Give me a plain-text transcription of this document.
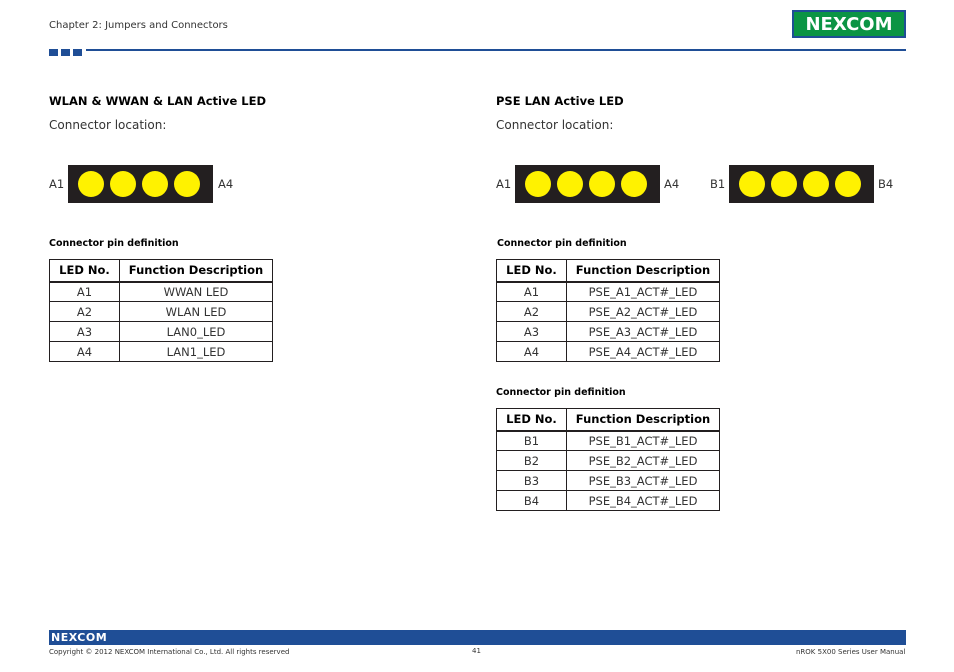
Chapter 2: Jumpers and Connectors	NEXCOM
WLAN & WWAN & LAN Active LED
Connector location:
A1	A4
Connector pin definition
LED No.	Function Description
A1	WWAN LED
A2	WLAN LED
A3	LAN0_LED
A4	LAN1_LED
PSE LAN Active LED
Connector location:
A1	A4	B1	B4
Connector pin definition
LED No.	Function Description
A1	PSE_A1_ACT#_LED
A2	PSE_A2_ACT#_LED
A3	PSE_A3_ACT#_LED
A4	PSE_A4_ACT#_LED
Connector pin definition
LED No.	Function Description
B1	PSE_B1_ACT#_LED
B2	PSE_B2_ACT#_LED
B3	PSE_B3_ACT#_LED
B4	PSE_B4_ACT#_LED
NEXCOM
Copyright © 2012 NEXCOM International Co., Ltd. All rights reserved	41	nROK 5X00 Series User Manual
